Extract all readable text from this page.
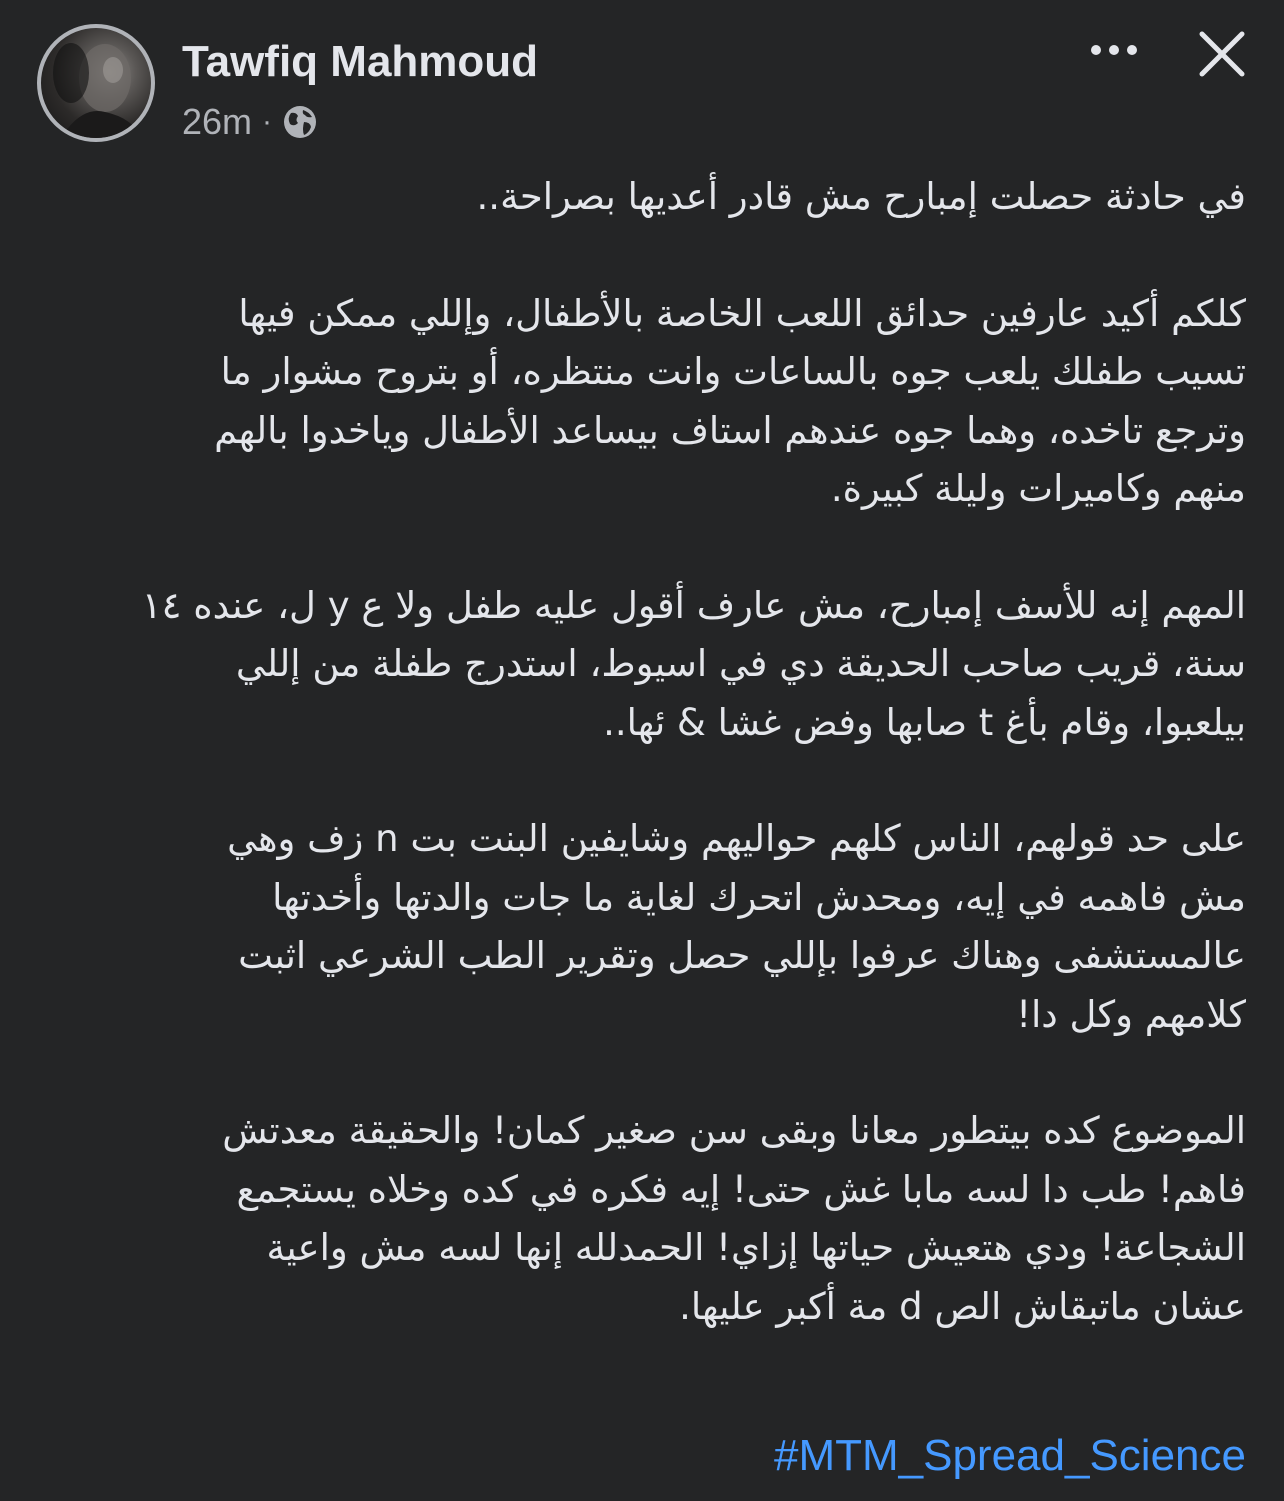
Tawfiq Mahmoud
26m ·

في حادثة حصلت إمبارح مش قادر أعديها بصراحة..

كلكم أكيد عارفين حدائق اللعب الخاصة بالأطفال، وإللي ممكن فيها
تسيب طفلك يلعب جوه بالساعات وانت منتظره، أو بتروح مشوار ما
وترجع تاخده، وهما جوه عندهم استاف بيساعد الأطفال وياخدوا بالهم
منهم وكاميرات وليلة كبيرة.

المهم إنه للأسف إمبارح، مش عارف أقول عليه طفل ولا ع y ل، عنده ١٤
سنة، قريب صاحب الحديقة دي في اسيوط، استدرج طفلة من إللي
بيلعبوا، وقام بأغ t صابها وفض غشا & ئها..

على حد قولهم، الناس كلهم حواليهم وشايفين البنت بت n زف وهي
مش فاهمه في إيه، ومحدش اتحرك لغاية ما جات والدتها وأخدتها
عالمستشفى وهناك عرفوا بإللي حصل وتقرير الطب الشرعي اثبت
كلامهم وكل دا!

الموضوع كده بيتطور معانا وبقى سن صغير كمان! والحقيقة معدتش
فاهم! طب دا لسه مابا غش حتى! إيه فكره في كده وخلاه يستجمع
الشجاعة! ودي هتعيش حياتها إزاي! الحمدلله إنها لسه مش واعية
عشان ماتبقاش الص d مة أكبر عليها.

#MTM_Spread_Science
